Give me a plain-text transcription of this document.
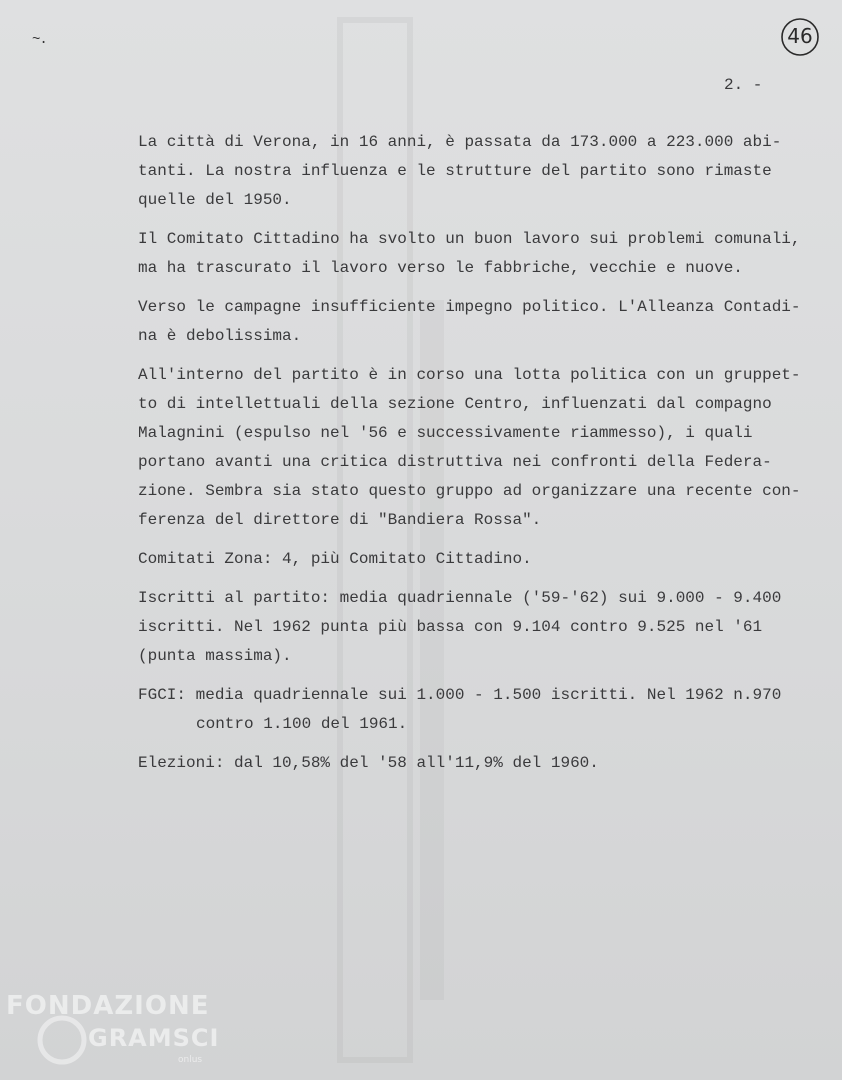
~.	46
2. -

La città di Verona, in 16 anni, è passata da 173.000 a 223.000 abi-
tanti. La nostra influenza e le strutture del partito sono rimaste
quelle del 1950.

Il Comitato Cittadino ha svolto un buon lavoro sui problemi comunali,
ma ha trascurato il lavoro verso le fabbriche, vecchie e nuove.

Verso le campagne insufficiente impegno politico. L'Alleanza Contadi-
na è debolissima.

All'interno del partito è in corso una lotta politica con un gruppet-
to di intellettuali della sezione Centro, influenzati dal compagno
Malagnini (espulso nel '56 e successivamente riammesso), i quali
portano avanti una critica distruttiva nei confronti della Federa-
zione. Sembra sia stato questo gruppo ad organizzare una recente con-
ferenza del direttore di "Bandiera Rossa".

Comitati Zona: 4, più Comitato Cittadino.

Iscritti al partito: media quadriennale ('59-'62) sui 9.000 - 9.400
iscritti. Nel 1962 punta più bassa con 9.104 contro 9.525 nel '61
(punta massima).

FGCI: media quadriennale sui 1.000 - 1.500 iscritti. Nel 1962 n.970
contro 1.100 del 1961.

Elezioni: dal 10,58% del '58 all'11,9% del 1960.

FONDAZIONE
GRAMSCI
onlus
